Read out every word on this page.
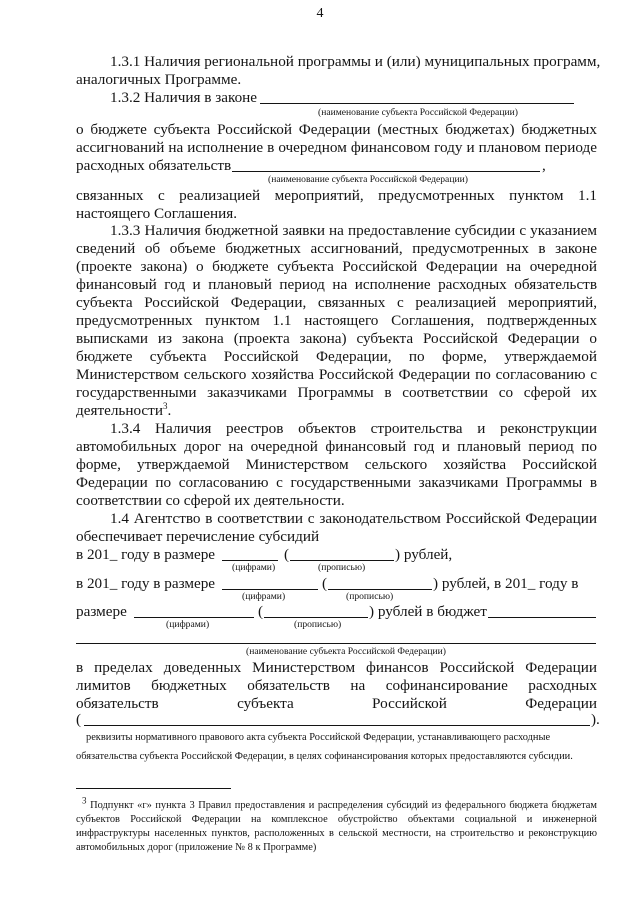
4
1.3.1 Наличия региональной программы и (или) муниципальных программ,
аналогичных Программе.
1.3.2 Наличия в законе
(наименование субъекта Российской Федерации)
о бюджете субъекта Российской Федерации (местных бюджетах) бюджетных
ассигнований на исполнение в очередном финансовом году и плановом периоде
расходных обязательств	,
(наименование субъекта Российской Федерации)
связанных с реализацией мероприятий, предусмотренных пунктом 1.1
настоящего Соглашения.
1.3.3 Наличия бюджетной заявки на предоставление субсидии с указанием
сведений об объеме бюджетных ассигнований, предусмотренных в законе
(проекте закона) о бюджете субъекта Российской Федерации на очередной
финансовый год и плановый период на исполнение расходных обязательств
субъекта Российской Федерации, связанных с реализацией мероприятий,
предусмотренных пунктом 1.1 настоящего Соглашения, подтвержденных
выписками из закона (проекта закона) субъекта Российской Федерации о
бюджете субъекта Российской Федерации, по форме, утверждаемой
Министерством сельского хозяйства Российской Федерации по согласованию с
государственными заказчиками Программы в соответствии со сферой их
деятельности$^3$.
1.3.4 Наличия реестров объектов строительства и реконструкции
автомобильных дорог на очередной финансовый год и плановый период по
форме, утверждаемой Министерством сельского хозяйства Российской
Федерации по согласованию с государственными заказчиками Программы в
соответствии со сферой их деятельности.
1.4 Агентство в соответствии с законодательством Российской Федерации
обеспечивает перечисление субсидий
в 201_ году в размере	(	) рублей,
(цифрами)	(прописью)
в 201_ году в размере	(	) рублей, в 201_ году в
(цифрами)	(прописью)
размере	(	) рублей в бюджет
(цифрами)	(прописью)
(наименование субъекта Российской Федерации)
в пределах доведенных Министерством финансов Российской Федерации
лимитов бюджетных обязательств на софинансирование расходных
обязательств субъекта Российской Федерации
(	).
реквизиты нормативного правового акта субъекта Российской Федерации, устанавливающего расходные
обязательства субъекта Российской Федерации, в целях софинансирования которых предоставляются субсидии.
$^3$ Подпункт «г» пункта 3 Правил предоставления и распределения субсидий из федерального бюджета бюджетам
субъектов Российской Федерации на комплексное обустройство объектами социальной и инженерной
инфраструктуры населенных пунктов, расположенных в сельской местности, на строительство и реконструкцию
автомобильных дорог (приложение № 8 к Программе)
